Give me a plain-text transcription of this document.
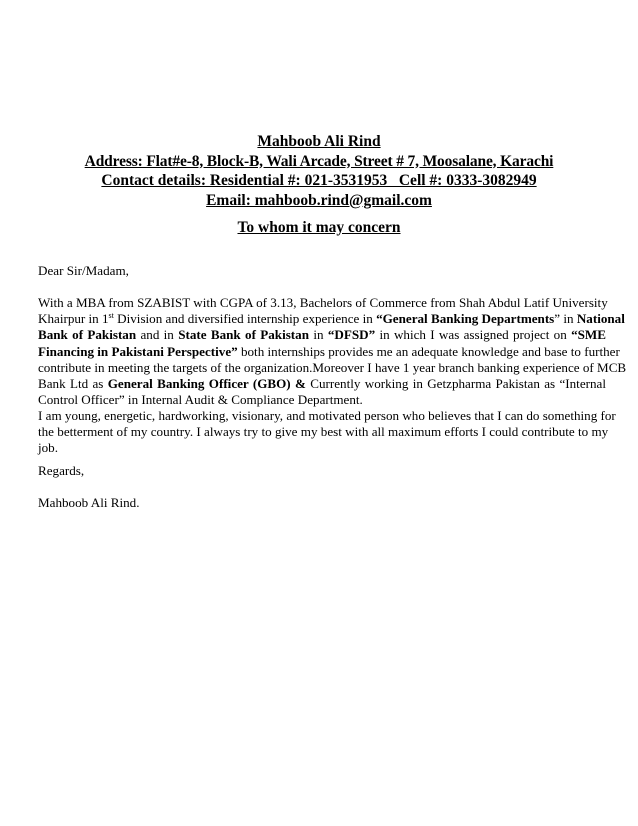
Mahboob Ali Rind
Address: Flat#e-8, Block-B, Wali Arcade, Street # 7, Moosalane, Karachi
Contact details: Residential #: 021-3531953   Cell #: 0333-3082949
Email: mahboob.rind@gmail.com
To whom it may concern

Dear Sir/Madam,

With a MBA from SZABIST with CGPA of 3.13, Bachelors of Commerce from Shah Abdul Latif University
Khairpur in 1st Division and diversified internship experience in “General Banking Departments” in National
Bank of Pakistan and in State Bank of Pakistan in “DFSD” in which I was assigned project on “SME
Financing in Pakistani Perspective” both internships provides me an adequate knowledge and base to further
contribute in meeting the targets of the organization.Moreover I have 1 year branch banking experience of MCB
Bank Ltd as General Banking Officer (GBO) & Currently working in Getzpharma Pakistan as “Internal
Control Officer” in Internal Audit & Compliance Department.
I am young, energetic, hardworking, visionary, and motivated person who believes that I can do something for
the betterment of my country. I always try to give my best with all maximum efforts I could contribute to my
job.

Regards,

Mahboob Ali Rind.
